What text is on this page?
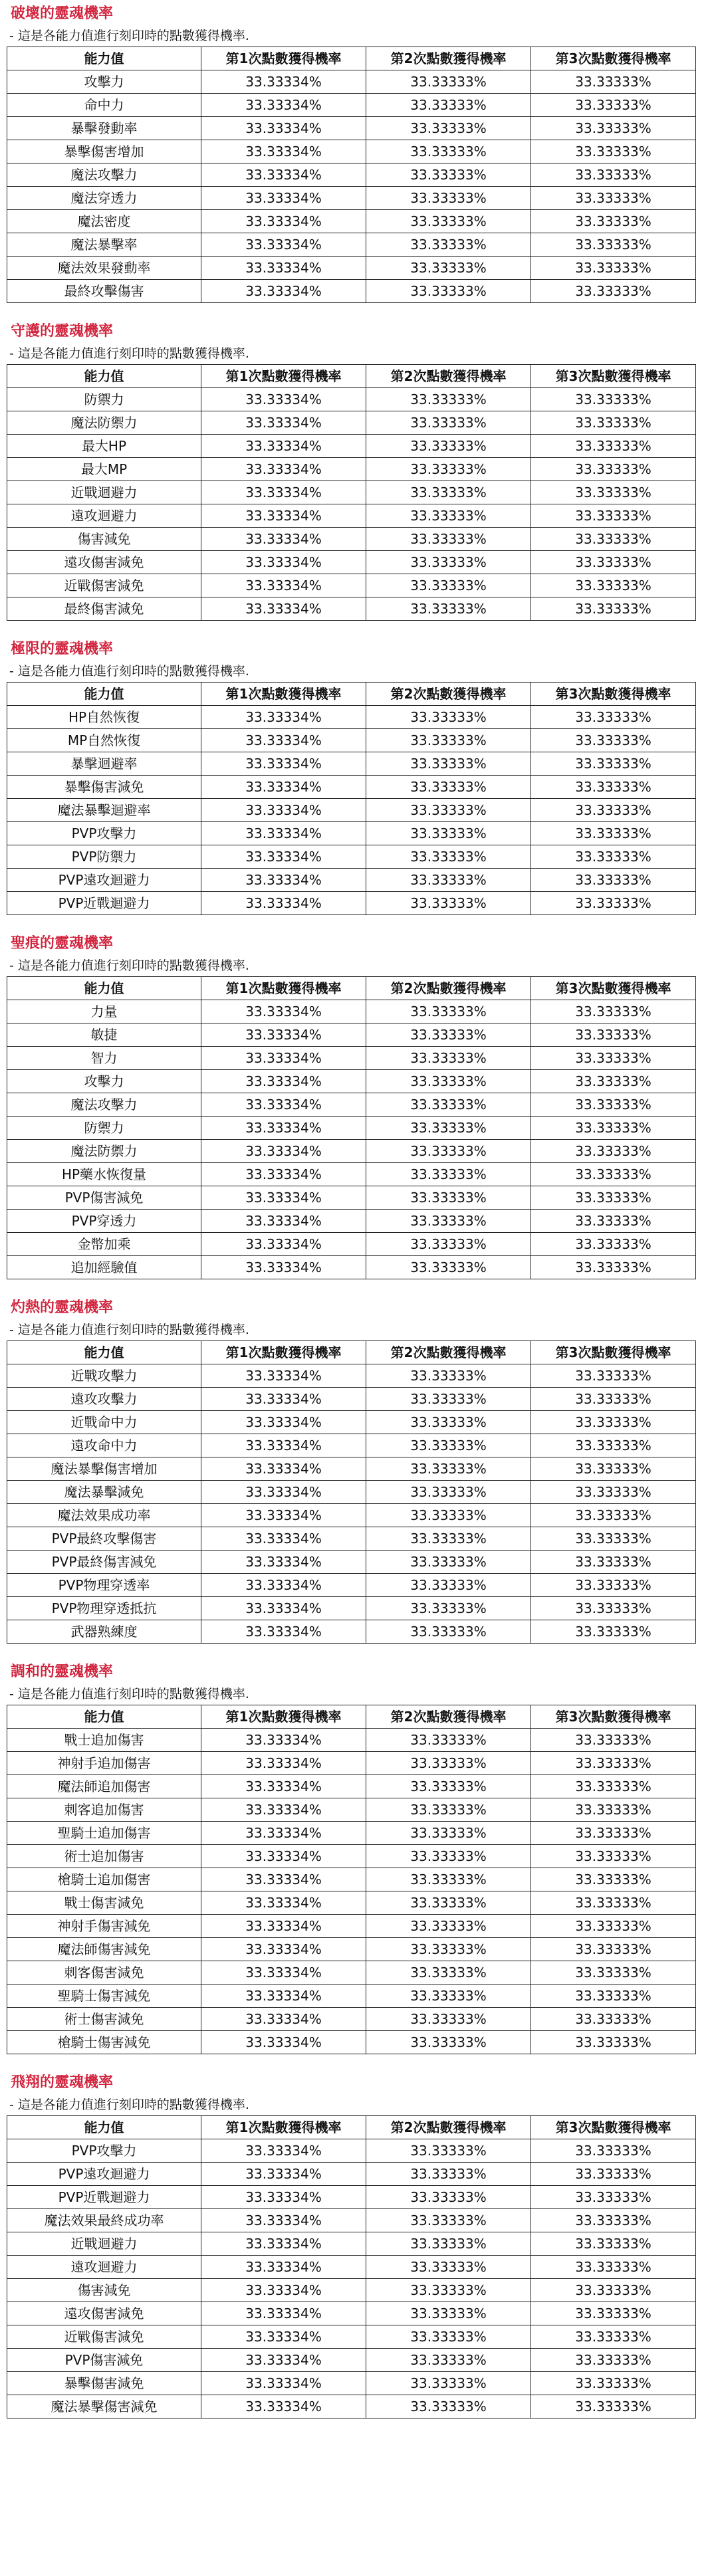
破壞的靈魂機率
- 這是各能力值進行刻印時的點數獲得機率.
能力值	第1次點數獲得機率	第2次點數獲得機率	第3次點數獲得機率
攻擊力	33.33334%	33.33333%	33.33333%
命中力	33.33334%	33.33333%	33.33333%
暴擊發動率	33.33334%	33.33333%	33.33333%
暴擊傷害增加	33.33334%	33.33333%	33.33333%
魔法攻擊力	33.33334%	33.33333%	33.33333%
魔法穿透力	33.33334%	33.33333%	33.33333%
魔法密度	33.33334%	33.33333%	33.33333%
魔法暴擊率	33.33334%	33.33333%	33.33333%
魔法效果發動率	33.33334%	33.33333%	33.33333%
最終攻擊傷害	33.33334%	33.33333%	33.33333%
守護的靈魂機率
- 這是各能力值進行刻印時的點數獲得機率.
能力值	第1次點數獲得機率	第2次點數獲得機率	第3次點數獲得機率
防禦力	33.33334%	33.33333%	33.33333%
魔法防禦力	33.33334%	33.33333%	33.33333%
最大HP	33.33334%	33.33333%	33.33333%
最大MP	33.33334%	33.33333%	33.33333%
近戰迴避力	33.33334%	33.33333%	33.33333%
遠攻迴避力	33.33334%	33.33333%	33.33333%
傷害減免	33.33334%	33.33333%	33.33333%
遠攻傷害減免	33.33334%	33.33333%	33.33333%
近戰傷害減免	33.33334%	33.33333%	33.33333%
最終傷害減免	33.33334%	33.33333%	33.33333%
極限的靈魂機率
- 這是各能力值進行刻印時的點數獲得機率.
能力值	第1次點數獲得機率	第2次點數獲得機率	第3次點數獲得機率
HP自然恢復	33.33334%	33.33333%	33.33333%
MP自然恢復	33.33334%	33.33333%	33.33333%
暴擊迴避率	33.33334%	33.33333%	33.33333%
暴擊傷害減免	33.33334%	33.33333%	33.33333%
魔法暴擊迴避率	33.33334%	33.33333%	33.33333%
PVP攻擊力	33.33334%	33.33333%	33.33333%
PVP防禦力	33.33334%	33.33333%	33.33333%
PVP遠攻迴避力	33.33334%	33.33333%	33.33333%
PVP近戰迴避力	33.33334%	33.33333%	33.33333%
聖痕的靈魂機率
- 這是各能力值進行刻印時的點數獲得機率.
能力值	第1次點數獲得機率	第2次點數獲得機率	第3次點數獲得機率
力量	33.33334%	33.33333%	33.33333%
敏捷	33.33334%	33.33333%	33.33333%
智力	33.33334%	33.33333%	33.33333%
攻擊力	33.33334%	33.33333%	33.33333%
魔法攻擊力	33.33334%	33.33333%	33.33333%
防禦力	33.33334%	33.33333%	33.33333%
魔法防禦力	33.33334%	33.33333%	33.33333%
HP藥水恢復量	33.33334%	33.33333%	33.33333%
PVP傷害減免	33.33334%	33.33333%	33.33333%
PVP穿透力	33.33334%	33.33333%	33.33333%
金幣加乘	33.33334%	33.33333%	33.33333%
追加經驗值	33.33334%	33.33333%	33.33333%
灼熱的靈魂機率
- 這是各能力值進行刻印時的點數獲得機率.
能力值	第1次點數獲得機率	第2次點數獲得機率	第3次點數獲得機率
近戰攻擊力	33.33334%	33.33333%	33.33333%
遠攻攻擊力	33.33334%	33.33333%	33.33333%
近戰命中力	33.33334%	33.33333%	33.33333%
遠攻命中力	33.33334%	33.33333%	33.33333%
魔法暴擊傷害增加	33.33334%	33.33333%	33.33333%
魔法暴擊減免	33.33334%	33.33333%	33.33333%
魔法效果成功率	33.33334%	33.33333%	33.33333%
PVP最終攻擊傷害	33.33334%	33.33333%	33.33333%
PVP最終傷害減免	33.33334%	33.33333%	33.33333%
PVP物理穿透率	33.33334%	33.33333%	33.33333%
PVP物理穿透抵抗	33.33334%	33.33333%	33.33333%
武器熟練度	33.33334%	33.33333%	33.33333%
調和的靈魂機率
- 這是各能力值進行刻印時的點數獲得機率.
能力值	第1次點數獲得機率	第2次點數獲得機率	第3次點數獲得機率
戰士追加傷害	33.33334%	33.33333%	33.33333%
神射手追加傷害	33.33334%	33.33333%	33.33333%
魔法師追加傷害	33.33334%	33.33333%	33.33333%
刺客追加傷害	33.33334%	33.33333%	33.33333%
聖騎士追加傷害	33.33334%	33.33333%	33.33333%
術士追加傷害	33.33334%	33.33333%	33.33333%
槍騎士追加傷害	33.33334%	33.33333%	33.33333%
戰士傷害減免	33.33334%	33.33333%	33.33333%
神射手傷害減免	33.33334%	33.33333%	33.33333%
魔法師傷害減免	33.33334%	33.33333%	33.33333%
刺客傷害減免	33.33334%	33.33333%	33.33333%
聖騎士傷害減免	33.33334%	33.33333%	33.33333%
術士傷害減免	33.33334%	33.33333%	33.33333%
槍騎士傷害減免	33.33334%	33.33333%	33.33333%
飛翔的靈魂機率
- 這是各能力值進行刻印時的點數獲得機率.
能力值	第1次點數獲得機率	第2次點數獲得機率	第3次點數獲得機率
PVP攻擊力	33.33334%	33.33333%	33.33333%
PVP遠攻迴避力	33.33334%	33.33333%	33.33333%
PVP近戰迴避力	33.33334%	33.33333%	33.33333%
魔法效果最終成功率	33.33334%	33.33333%	33.33333%
近戰迴避力	33.33334%	33.33333%	33.33333%
遠攻迴避力	33.33334%	33.33333%	33.33333%
傷害減免	33.33334%	33.33333%	33.33333%
遠攻傷害減免	33.33334%	33.33333%	33.33333%
近戰傷害減免	33.33334%	33.33333%	33.33333%
PVP傷害減免	33.33334%	33.33333%	33.33333%
暴擊傷害減免	33.33334%	33.33333%	33.33333%
魔法暴擊傷害減免	33.33334%	33.33333%	33.33333%
